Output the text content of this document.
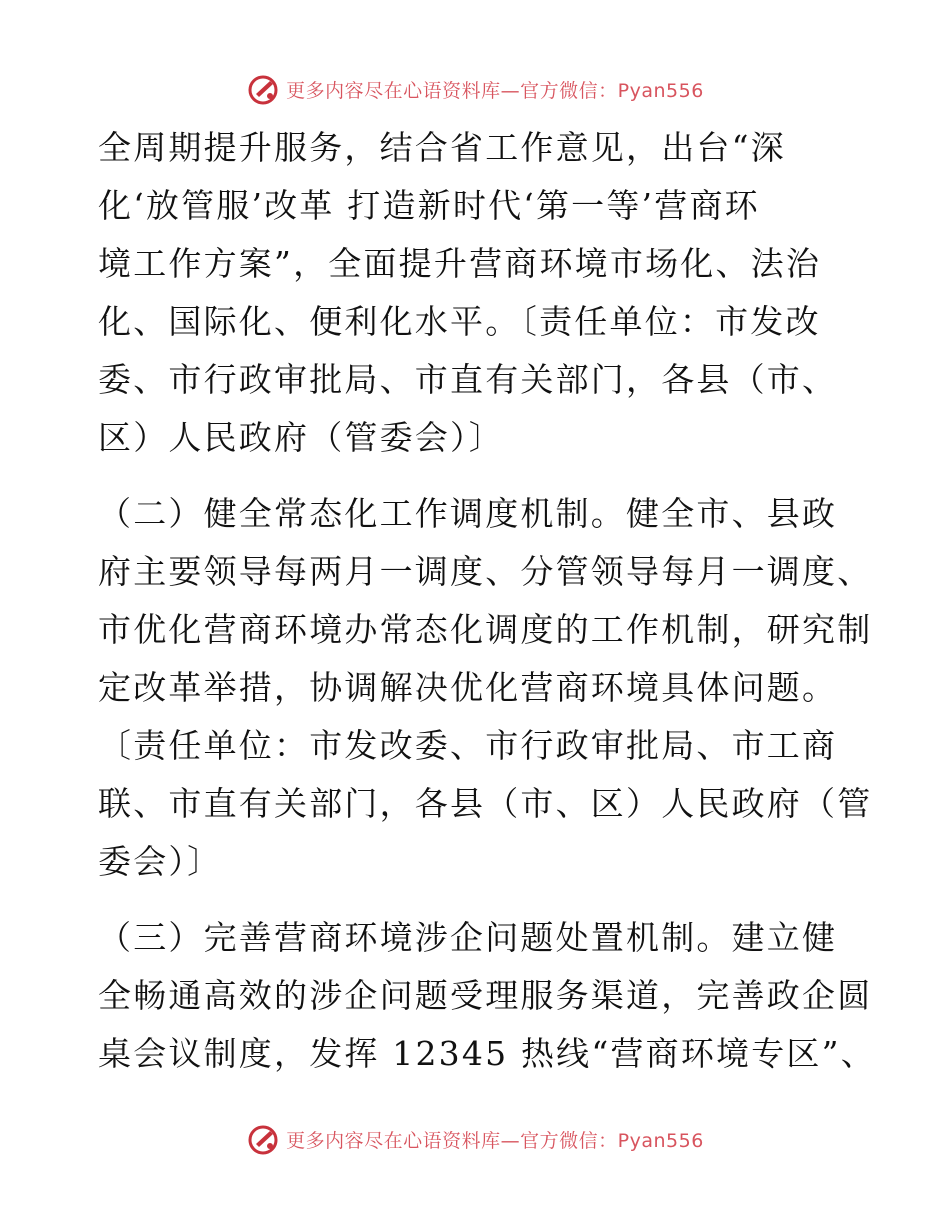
更多内容尽在心语资料库—官方微信：Pyan556
全周期提升服务，结合省工作意见，出台“深
化‘放管服’改革 打造新时代‘第一等’营商环
境工作方案”，全面提升营商环境市场化、法治
化、国际化、便利化水平。〔责任单位：市发改
委、市行政审批局、市直有关部门，各县（市、
区）人民政府（管委会）〕
（二）健全常态化工作调度机制。健全市、县政
府主要领导每两月一调度、分管领导每月一调度、
市优化营商环境办常态化调度的工作机制，研究制
定改革举措，协调解决优化营商环境具体问题。
〔责任单位：市发改委、市行政审批局、市工商
联、市直有关部门，各县（市、区）人民政府（管
委会）〕
（三）完善营商环境涉企问题处置机制。建立健
全畅通高效的涉企问题受理服务渠道，完善政企圆
桌会议制度，发挥 12345 热线“营商环境专区”、
更多内容尽在心语资料库—官方微信：Pyan556
